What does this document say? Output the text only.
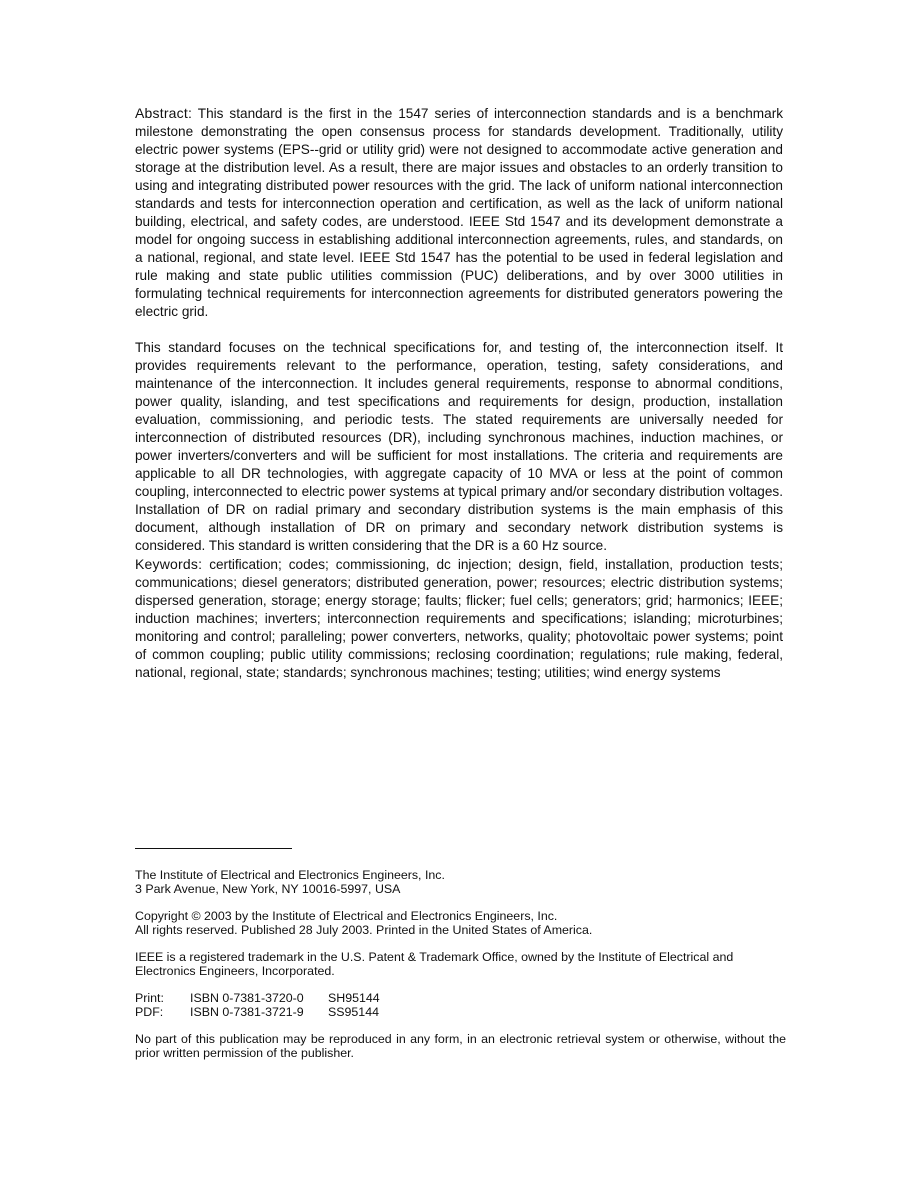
Abstract: This standard is the first in the 1547 series of interconnection standards and is a benchmark milestone demonstrating the open consensus process for standards development. Traditionally, utility electric power systems (EPS--grid or utility grid) were not designed to accommodate active generation and storage at the distribution level. As a result, there are major issues and obstacles to an orderly transition to using and integrating distributed power resources with the grid. The lack of uniform national interconnection standards and tests for interconnection operation and certification, as well as the lack of uniform national building, electrical, and safety codes, are understood. IEEE Std 1547 and its development demonstrate a model for ongoing success in establishing additional interconnection agreements, rules, and standards, on a national, regional, and state level. IEEE Std 1547 has the potential to be used in federal legislation and rule making and state public utilities commission (PUC) deliberations, and by over 3000 utilities in formulating technical requirements for interconnection agreements for distributed generators powering the electric grid.

This standard focuses on the technical specifications for, and testing of, the interconnection itself. It provides requirements relevant to the performance, operation, testing, safety considerations, and maintenance of the interconnection. It includes general requirements, response to abnormal conditions, power quality, islanding, and test specifications and requirements for design, production, installation evaluation, commissioning, and periodic tests. The stated requirements are universally needed for interconnection of distributed resources (DR), including synchronous machines, induction machines, or power inverters/converters and will be sufficient for most installations. The criteria and requirements are applicable to all DR technologies, with aggregate capacity of 10 MVA or less at the point of common coupling, interconnected to electric power systems at typical primary and/or secondary distribution voltages. Installation of DR on radial primary and secondary distribution systems is the main emphasis of this document, although installation of DR on primary and secondary network distribution systems is considered. This standard is written considering that the DR is a 60 Hz source.

Keywords: certification; codes; commissioning, dc injection; design, field, installation, production tests; communications; diesel generators; distributed generation, power; resources; electric distribution systems; dispersed generation, storage; energy storage; faults; flicker; fuel cells; generators; grid; harmonics; IEEE; induction machines; inverters; interconnection requirements and specifications; islanding; microturbines; monitoring and control; paralleling; power converters, networks, quality; photovoltaic power systems; point of common coupling; public utility commissions; reclosing coordination; regulations; rule making, federal, national, regional, state; standards; synchronous machines; testing; utilities; wind energy systems

The Institute of Electrical and Electronics Engineers, Inc.

3 Park Avenue, New York, NY 10016-5997, USA

Copyright © 2003 by the Institute of Electrical and Electronics Engineers, Inc.

All rights reserved. Published 28 July 2003. Printed in the United States of America.

IEEE is a registered trademark in the U.S. Patent & Trademark Office, owned by the Institute of Electrical and Electronics Engineers, Incorporated.

Print:	ISBN 0-7381-3720-0	SH95144
PDF:	ISBN 0-7381-3721-9	SS95144

No part of this publication may be reproduced in any form, in an electronic retrieval system or otherwise, without the prior written permission of the publisher.
